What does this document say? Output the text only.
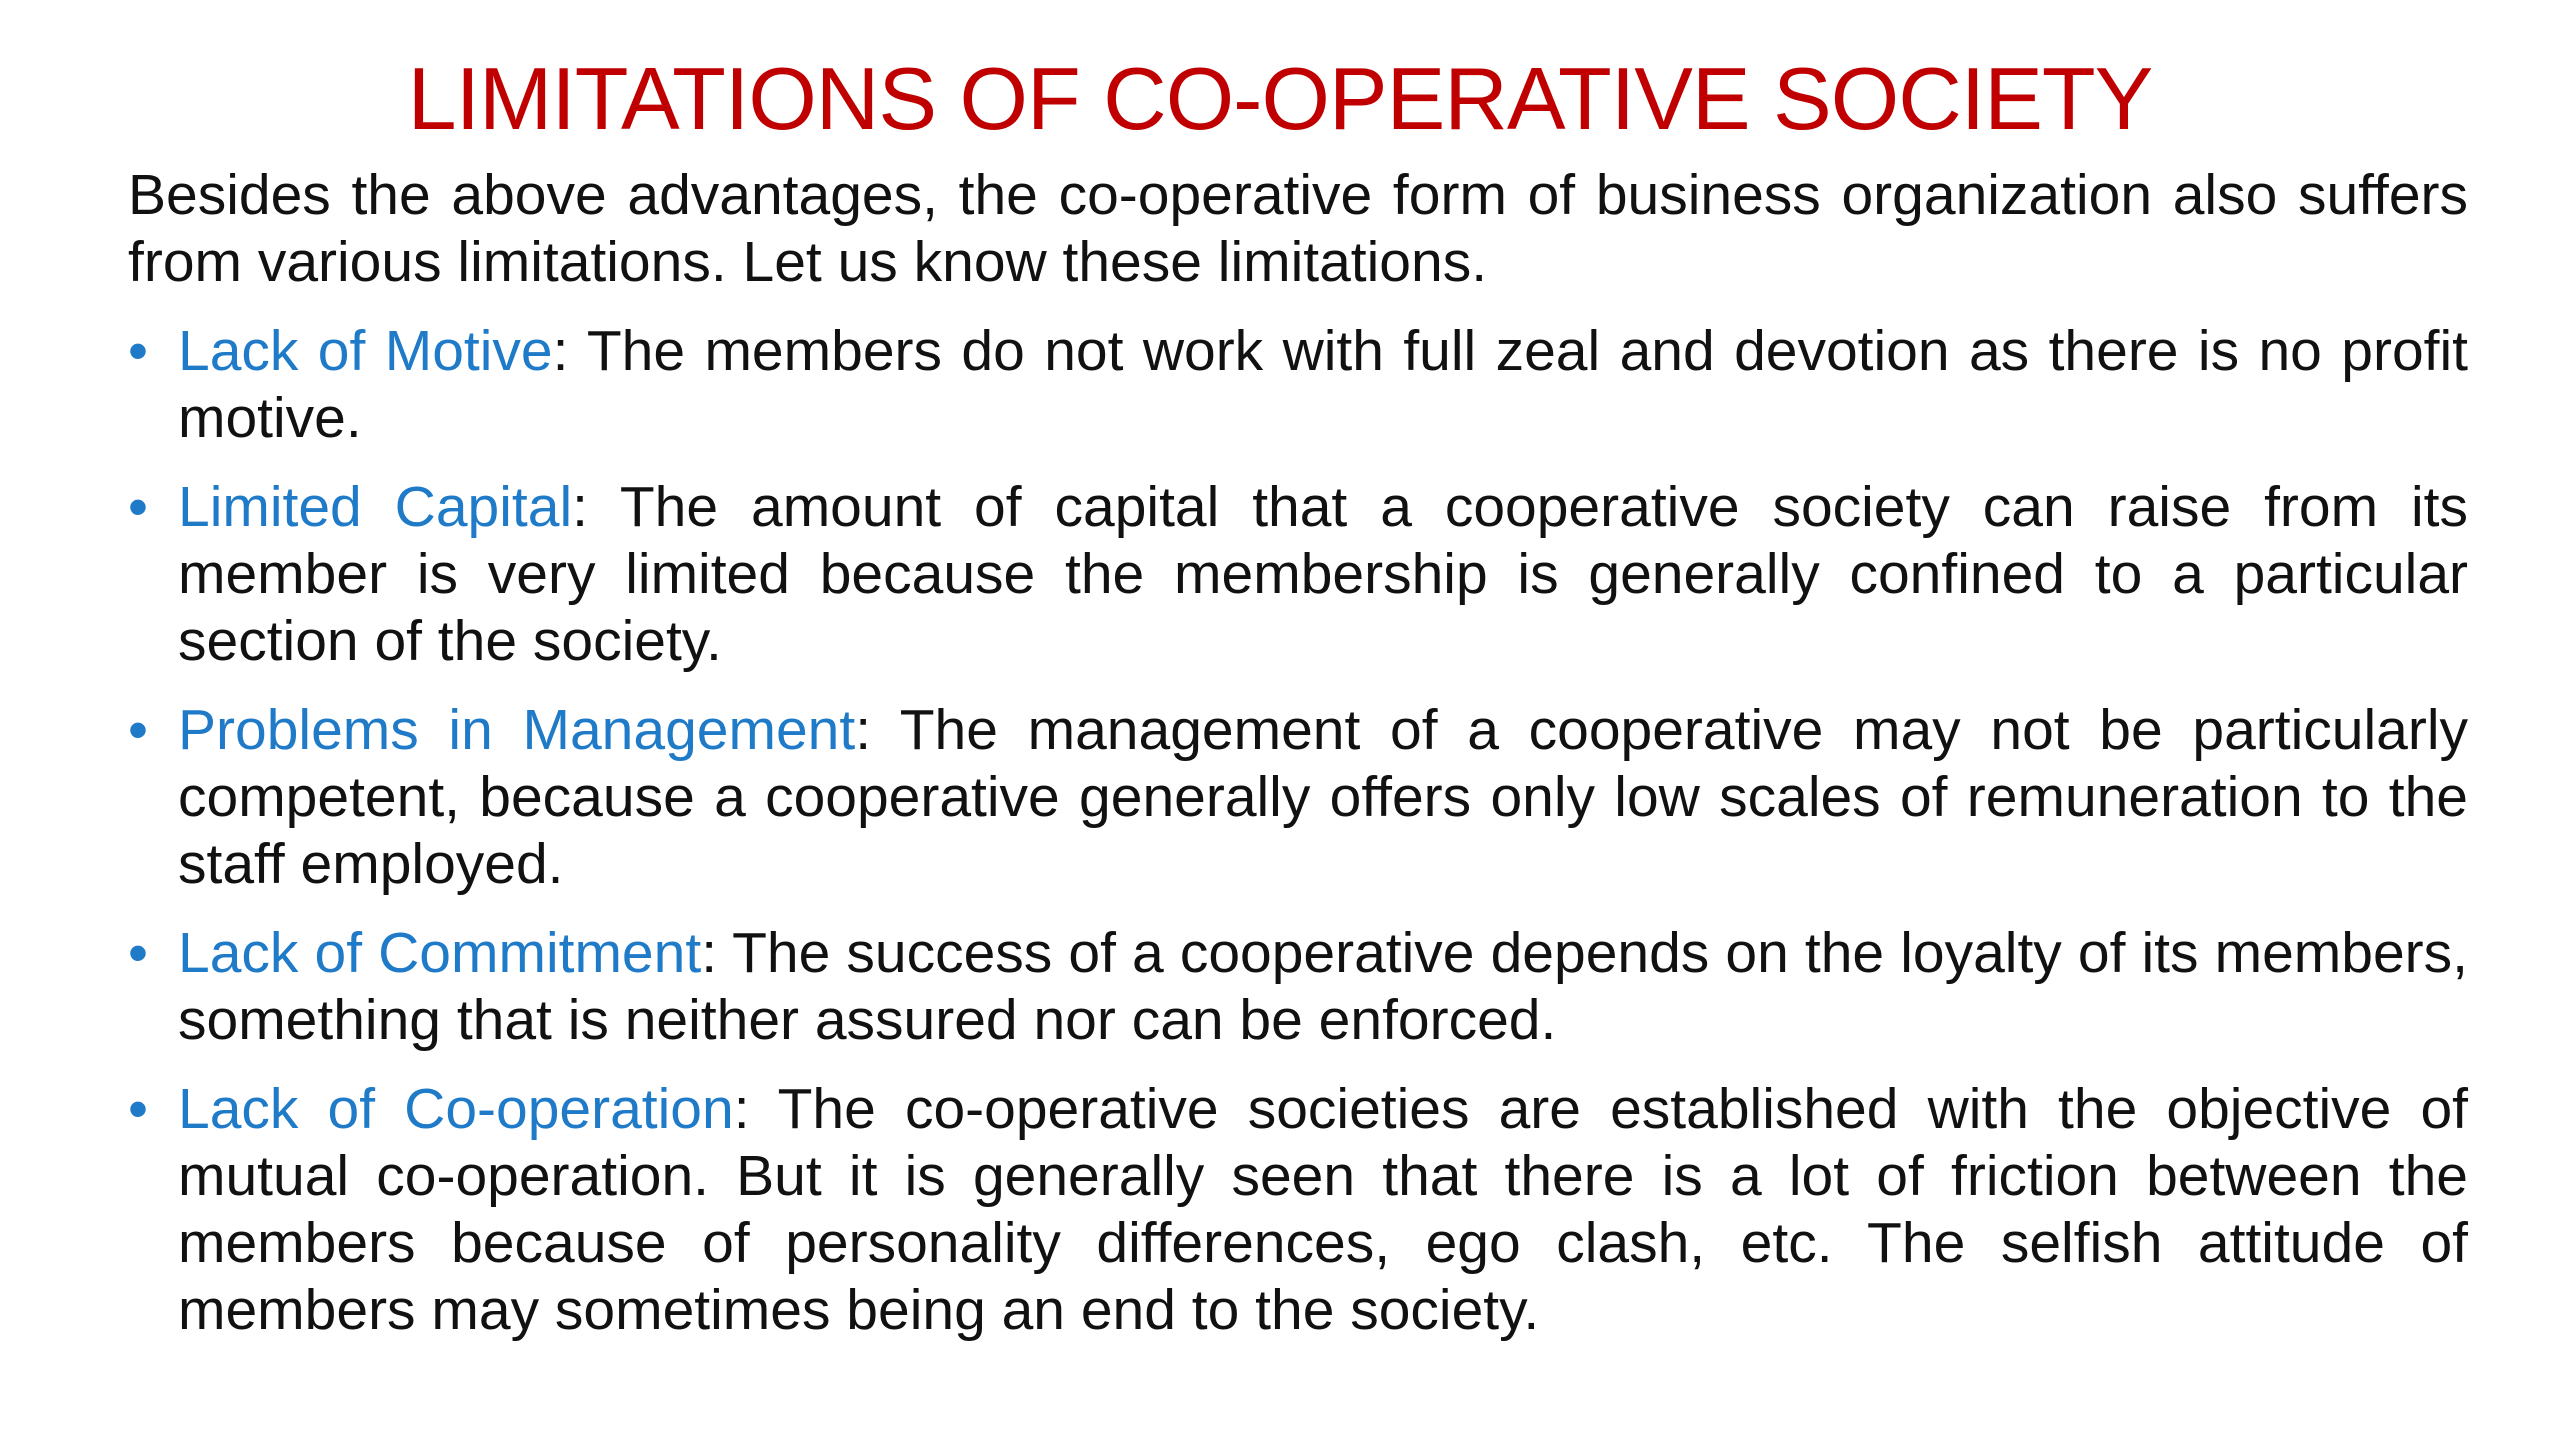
LIMITATIONS OF CO-OPERATIVE SOCIETY

Besides the above advantages, the co-operative form of business organization also suffers from various limitations. Let us know these limitations.

• Lack of Motive: The members do not work with full zeal and devotion as there is no profit motive.
• Limited Capital: The amount of capital that a cooperative society can raise from its member is very limited because the membership is generally confined to a particular section of the society.
• Problems in Management: The management of a cooperative may not be particularly competent, because a cooperative generally offers only low scales of remuneration to the staff employed.
• Lack of Commitment: The success of a cooperative depends on the loyalty of its members, something that is neither assured nor can be enforced.
• Lack of Co-operation: The co-operative societies are established with the objective of mutual co-operation. But it is generally seen that there is a lot of friction between the members because of personality differences, ego clash, etc. The selfish attitude of members may sometimes being an end to the society.
